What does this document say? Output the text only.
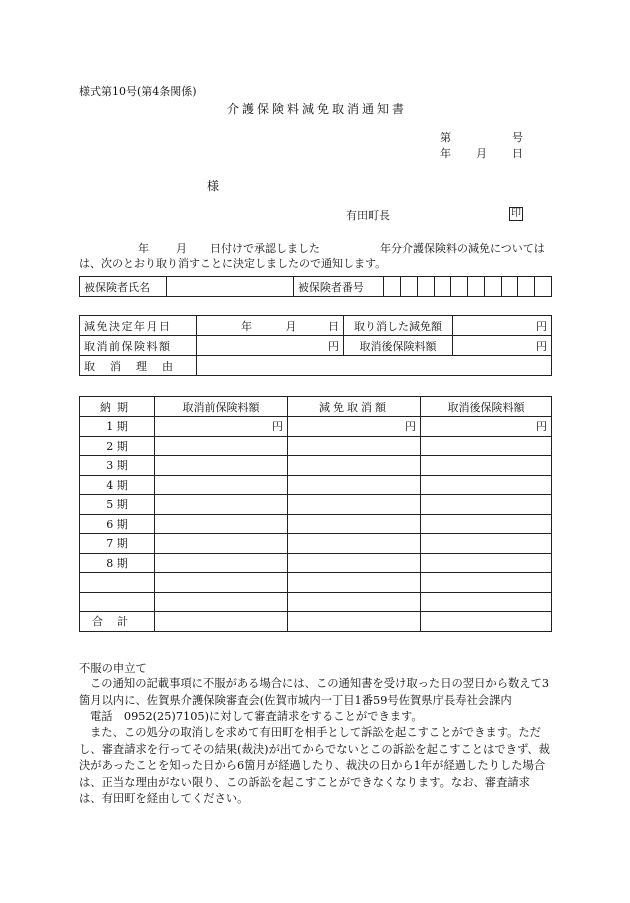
様式第10号(第4条関係)
介護保険料減免取消通知書
第	号
年 月 日
様
有田町長	印
年 月 日付けで承認しました	年分介護保険料の減免については
は、次のとおり取り消すことに決定しましたので通知します。
被保険者氏名		被保険者番号										
減免決定年月日	年 月 日	取り消した減免額	円
取消前保険料額	円	取消後保険料額	円
取消理由			
納期	取消前保険料額	減免取消額	取消後保険料額
1 期	円	円	円
2 期			
3 期			
4 期			
5 期			
6 期			
7 期			
8 期			

合計			
不服の申立て
この通知の記載事項に不服がある場合には、この通知書を受け取った日の翌日から数えて3箇月以内に、佐賀県介護保険審査会(佐賀市城内一丁目1番59号佐賀県庁長寿社会課内
電話　0952(25)7105)に対して審査請求をすることができます。
また、この処分の取消しを求めて有田町を相手として訴訟を起こすことができます。ただし、審査請求を行ってその結果(裁決)が出てからでないとこの訴訟を起こすことはできず、裁決があったことを知った日から6箇月が経過したり、裁決の日から1年が経過したりした場合は、正当な理由がない限り、この訴訟を起こすことができなくなります。なお、審査請求は、有田町を経由してください。
